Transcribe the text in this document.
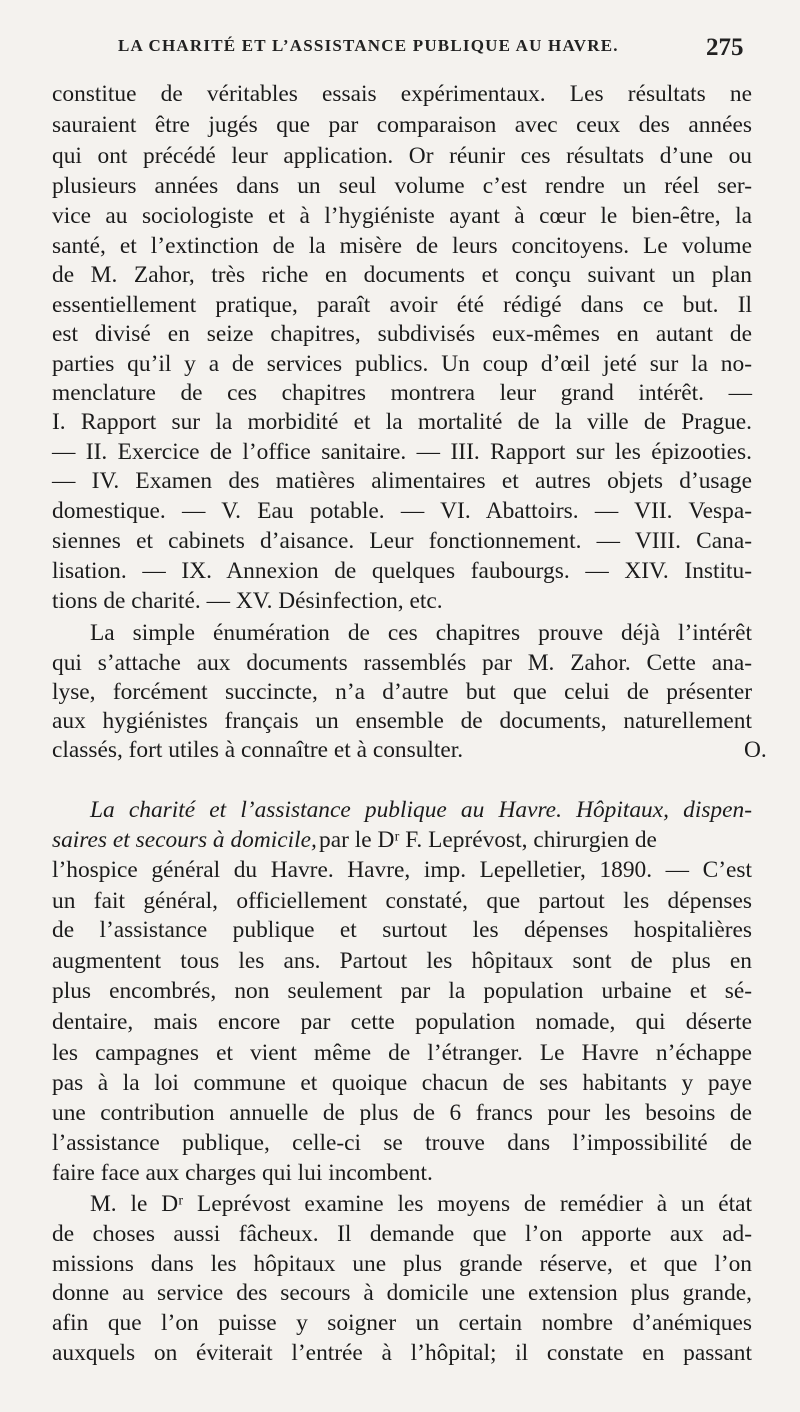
LA CHARITÉ ET L’ASSISTANCE PUBLIQUE AU HAVRE.	275
constitue de véritables essais expérimentaux. Les résultats ne
sauraient être jugés que par comparaison avec ceux des années
qui ont précédé leur application. Or réunir ces résultats d’une ou
plusieurs années dans un seul volume c’est rendre un réel ser-
vice au sociologiste et à l’hygiéniste ayant à cœur le bien-être, la
santé, et l’extinction de la misère de leurs concitoyens. Le volume
de M. Zahor, très riche en documents et conçu suivant un plan
essentiellement pratique, paraît avoir été rédigé dans ce but. Il
est divisé en seize chapitres, subdivisés eux-mêmes en autant de
parties qu’il y a de services publics. Un coup d’œil jeté sur la no-
menclature de ces chapitres montrera leur grand intérêt. —
I. Rapport sur la morbidité et la mortalité de la ville de Prague.
— II. Exercice de l’office sanitaire. — III. Rapport sur les épizooties.
— IV. Examen des matières alimentaires et autres objets d’usage
domestique. — V. Eau potable. — VI. Abattoirs. — VII. Vespa-
siennes et cabinets d’aisance. Leur fonctionnement. — VIII. Cana-
lisation. — IX. Annexion de quelques faubourgs. — XIV. Institu-
tions de charité. — XV. Désinfection, etc.
La simple énumération de ces chapitres prouve déjà l’intérêt
qui s’attache aux documents rassemblés par M. Zahor. Cette ana-
lyse, forcément succincte, n’a d’autre but que celui de présenter
aux hygiénistes français un ensemble de documents, naturellement
classés, fort utiles à connaître et à consulter.	O.
La charité et l’assistance publique au Havre. Hôpitaux, dispen-
saires et secours à domicile, par le Dʳ F. Leprévost, chirurgien de
l’hospice général du Havre. Havre, imp. Lepelletier, 1890. — C’est
un fait général, officiellement constaté, que partout les dépenses
de l’assistance publique et surtout les dépenses hospitalières
augmentent tous les ans. Partout les hôpitaux sont de plus en
plus encombrés, non seulement par la population urbaine et sé-
dentaire, mais encore par cette population nomade, qui déserte
les campagnes et vient même de l’étranger. Le Havre n’échappe
pas à la loi commune et quoique chacun de ses habitants y paye
une contribution annuelle de plus de 6 francs pour les besoins de
l’assistance publique, celle-ci se trouve dans l’impossibilité de
faire face aux charges qui lui incombent.
M. le Dʳ Leprévost examine les moyens de remédier à un état
de choses aussi fâcheux. Il demande que l’on apporte aux ad-
missions dans les hôpitaux une plus grande réserve, et que l’on
donne au service des secours à domicile une extension plus grande,
afin que l’on puisse y soigner un certain nombre d’anémiques
auxquels on éviterait l’entrée à l’hôpital; il constate en passant
